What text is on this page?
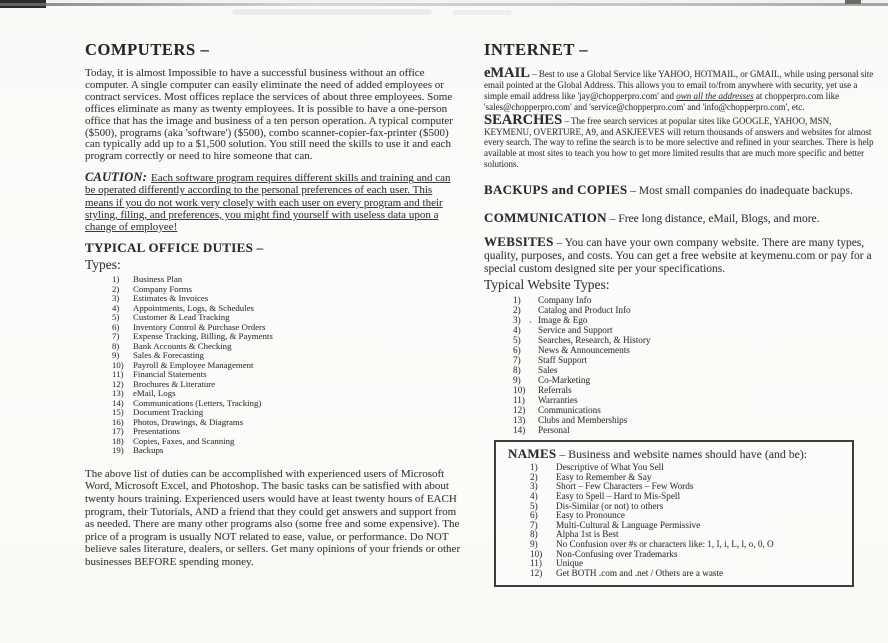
`
COMPUTERS –

Today, it is almost Impossible to have a successful business without an office computer. A single computer can easily eliminate the need of added employees or contract services. Most offices replace the services of about three employees. Some offices eliminate as many as twenty employees. It is possible to have a one-person office that has the image and business of a ten person operation. A typical computer ($500), programs (aka 'software') ($500), combo scanner-copier-fax-printer ($500) can typically add up to a $1,500 solution. You still need the skills to use it and each program correctly or need to hire someone that can.

CAUTION: Each software program requires different skills and training and can be operated differently according to the personal preferences of each user. This means if you do not work very closely with each user on every program and their styling, filing, and preferences, you might find yourself with useless data upon a change of employee!

TYPICAL OFFICE DUTIES –
Types:
1)	Business Plan
2)	Company Forms
3)	Estimates & Invoices
4)	Appointments, Logs, & Schedules
5)	Customer & Lead Tracking
6)	Inventory Control & Purchase Orders
7)	Expense Tracking, Billing, & Payments
8)	Bank Accounts & Checking
9)	Sales & Forecasting
10)	Payroll & Employee Management
11)	Financial Statements
12)	Brochures & Literature
13)	eMail, Logs
14)	Communications (Letters, Tracking)
15)	Document Tracking
16)	Photos, Drawings, & Diagrams
17)	Presentations
18)	Copies, Faxes, and Scanning
19)	Backups

The above list of duties can be accomplished with experienced users of Microsoft Word, Microsoft Excel, and Photoshop. The basic tasks can be satisfied with about twenty hours training. Experienced users would have at least twenty hours of EACH program, their Tutorials, AND a friend that they could get answers and support from as needed. There are many other programs also (some free and some expensive). The price of a program is usually NOT related to ease, value, or performance. Do NOT believe sales literature, dealers, or sellers. Get many opinions of your friends or other businesses BEFORE spending money.

INTERNET –

eMAIL – Best to use a Global Service like YAHOO, HOTMAIL, or GMAIL, while using personal site email pointed at the Global Address. This allows you to email to/from anywhere with security, yet use a simple email address like 'jay@chopperpro.com' and own all the addresses at chopperpro.com like 'sales@chopperpro.com' and 'service@chopperpro.com' and 'info@chopperpro.com', etc.

SEARCHES – The free search services at popular sites like GOOGLE, YAHOO, MSN, KEYMENU, OVERTURE, A9, and ASKJEEVES will return thousands of answers and websites for almost every search. The way to refine the search is to be more selective and refined in your searches. There is help available at most sites to teach you how to get more limited results that are much more specific and better solutions.

BACKUPS and COPIES – Most small companies do inadequate backups.

COMMUNICATION – Free long distance, eMail, Blogs, and more.

WEBSITES – You can have your own company website. There are many types, quality, purposes, and costs. You can get a free website at keymenu.com or pay for a special custom designed site per your specifications.

Typical Website Types:
1)	Company Info
2)	Catalog and Product Info
3)	Image & Ego
4)	Service and Support
5)	Searches, Research, & History
6)	News & Announcements
7)	Staff Support
8)	Sales
9)	Co-Marketing
10)	Referrals
11)	Warranties
12)	Communications
13)	Clubs and Memberships
14)	Personal

NAMES – Business and website names should have (and be):

1)	Descriptive of What You Sell
2)	Easy to Remember & Say
3)	Short – Few Characters – Few Words
4)	Easy to Spell – Hard to Mis-Spell
5)	Dis-Similar (or not) to others
6)	Easy to Pronounce
7)	Multi-Cultural & Language Permissive
8)	Alpha 1st is Best
9)	No Confusion over #s or characters like: 1, I, i, L, l, o, 0, O
10)	Non-Confusing over Trademarks
11)	Unique
12)	Get BOTH .com and .net / Others are a waste
